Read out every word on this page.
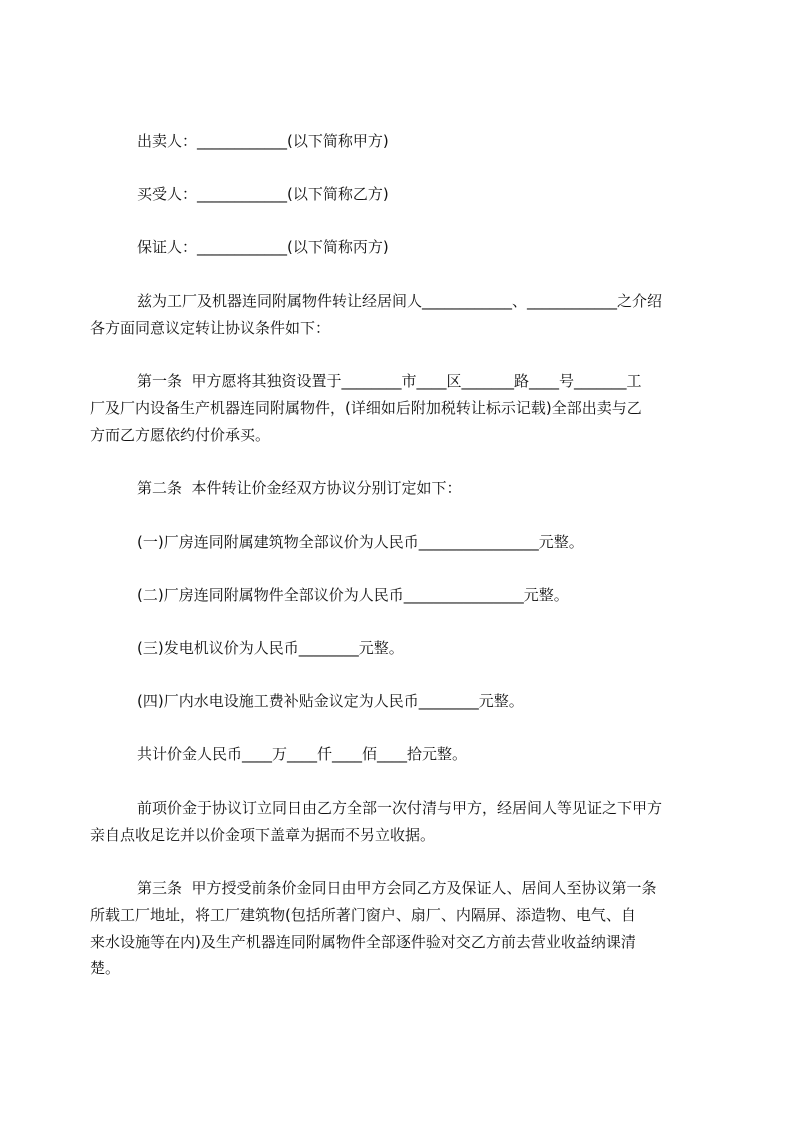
出卖人：____________(以下简称甲方)
买受人：____________(以下简称乙方)
保证人：____________(以下简称丙方)
兹为工厂及机器连同附属物件转让经居间人____________、____________之介绍
各方面同意议定转让协议条件如下：
第一条  甲方愿将其独资设置于________市____区_______路____号_______工
厂及厂内设备生产机器连同附属物件，(详细如后附加税转让标示记载)全部出卖与乙
方而乙方愿依约付价承买。
第二条  本件转让价金经双方协议分别订定如下：
(一)厂房连同附属建筑物全部议价为人民币________________元整。
(二)厂房连同附属物件全部议价为人民币________________元整。
(三)发电机议价为人民币________元整。
(四)厂内水电设施工费补贴金议定为人民币________元整。
共计价金人民币____万____仟____佰____拾元整。
前项价金于协议订立同日由乙方全部一次付清与甲方，经居间人等见证之下甲方
亲自点收足讫并以价金项下盖章为据而不另立收据。
第三条  甲方授受前条价金同日由甲方会同乙方及保证人、居间人至协议第一条
所载工厂地址，将工厂建筑物(包括所著门窗户、扇厂、内隔屏、添造物、电气、自
来水设施等在内)及生产机器连同附属物件全部逐件验对交乙方前去营业收益纳课清
楚。
